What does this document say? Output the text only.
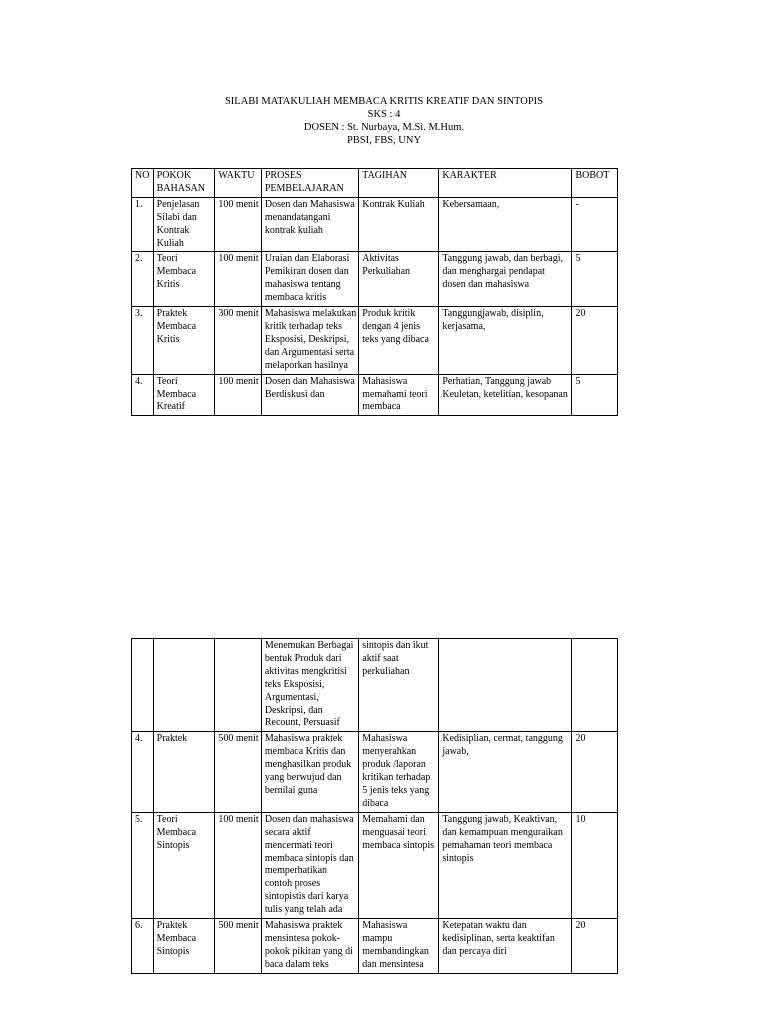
SILABI MATAKULIAH MEMBACA KRITIS KREATIF DAN SINTOPIS
SKS : 4
DOSEN : St. Nurbaya, M.Si. M.Hum.
PBSI, FBS, UNY
NO	POKOK BAHASAN	WAKTU	PROSES PEMBELAJARAN	TAGIHAN	KARAKTER	BOBOT
1.	Penjelasan Silabi dan Kontrak Kuliah	100 menit	Dosen dan Mahasiswa menandatangani kontrak kuliah	Kontrak Kuliah	Kebersamaan,	-
2.	Teori Membaca Kritis	100 menit	Uraian dan Elaborasi Pemikiran dosen dan mahasiswa tentang membaca kritis	Aktivitas Perkuliahan	Tanggung jawab, dan berbagi, dan menghargai pendapat dosen dan mahasiswa	5
3.	Praktek Membaca Kritis	300 menit	Mahasiswa melakukan kritik terhadap teks Eksposisi, Deskripsi, dan Argumentasi serta melaporkan hasilnya	Produk kritik dengan 4 jenis teks yang dibaca	Tanggungjawab, disiplin, kerjasama,	20
4.	Teori Membaca Kreatif	100 menit	Dosen dan Mahasiswa Berdiskusi dan	Mahasiswa memahami teori membaca	Perhatian, Tanggung jawab Keuletan, ketelitian, kesopanan	5
			Menemukan Berbagai bentuk Produk dari aktivitas mengkritisi teks Eksposisi, Argumentasi, Deskripsi, dan Recount, Persuasif	sintopis dan ikut aktif saat perkuliahan		
4.	Praktek	500 menit	Mahasiswa praktek membaca Kritis dan menghasilkan produk yang berwujud dan bernilai guna	Mahasiswa menyerahkan produk /laporan kritikan terhadap 5 jenis teks yang dibaca	Kedisiplian, cermat, tanggung jawab,	20
5.	Teori Membaca Sintopis	100 menit	Dosen dan mahasiswa secara aktif mencermati teori membaca sintopis dan memperhatikan contoh proses sintopistis dari karya tulis yang telah ada	Memahami dan menguasai teori membaca sintopis	Tanggung jawab, Keaktivan, dan kemampuan menguraikan pemahaman teori membaca sintopis	10
6.	Praktek Membaca Sintopis	500 menit	Mahasiswa praktek mensintesa pokok-pokok pikiran yang di baca dalam teks	Mahasiswa mampu membandingkan dan mensintesa	Ketepatan waktu dan kedisiplinan, serta keaktifan dan percaya diri	20
